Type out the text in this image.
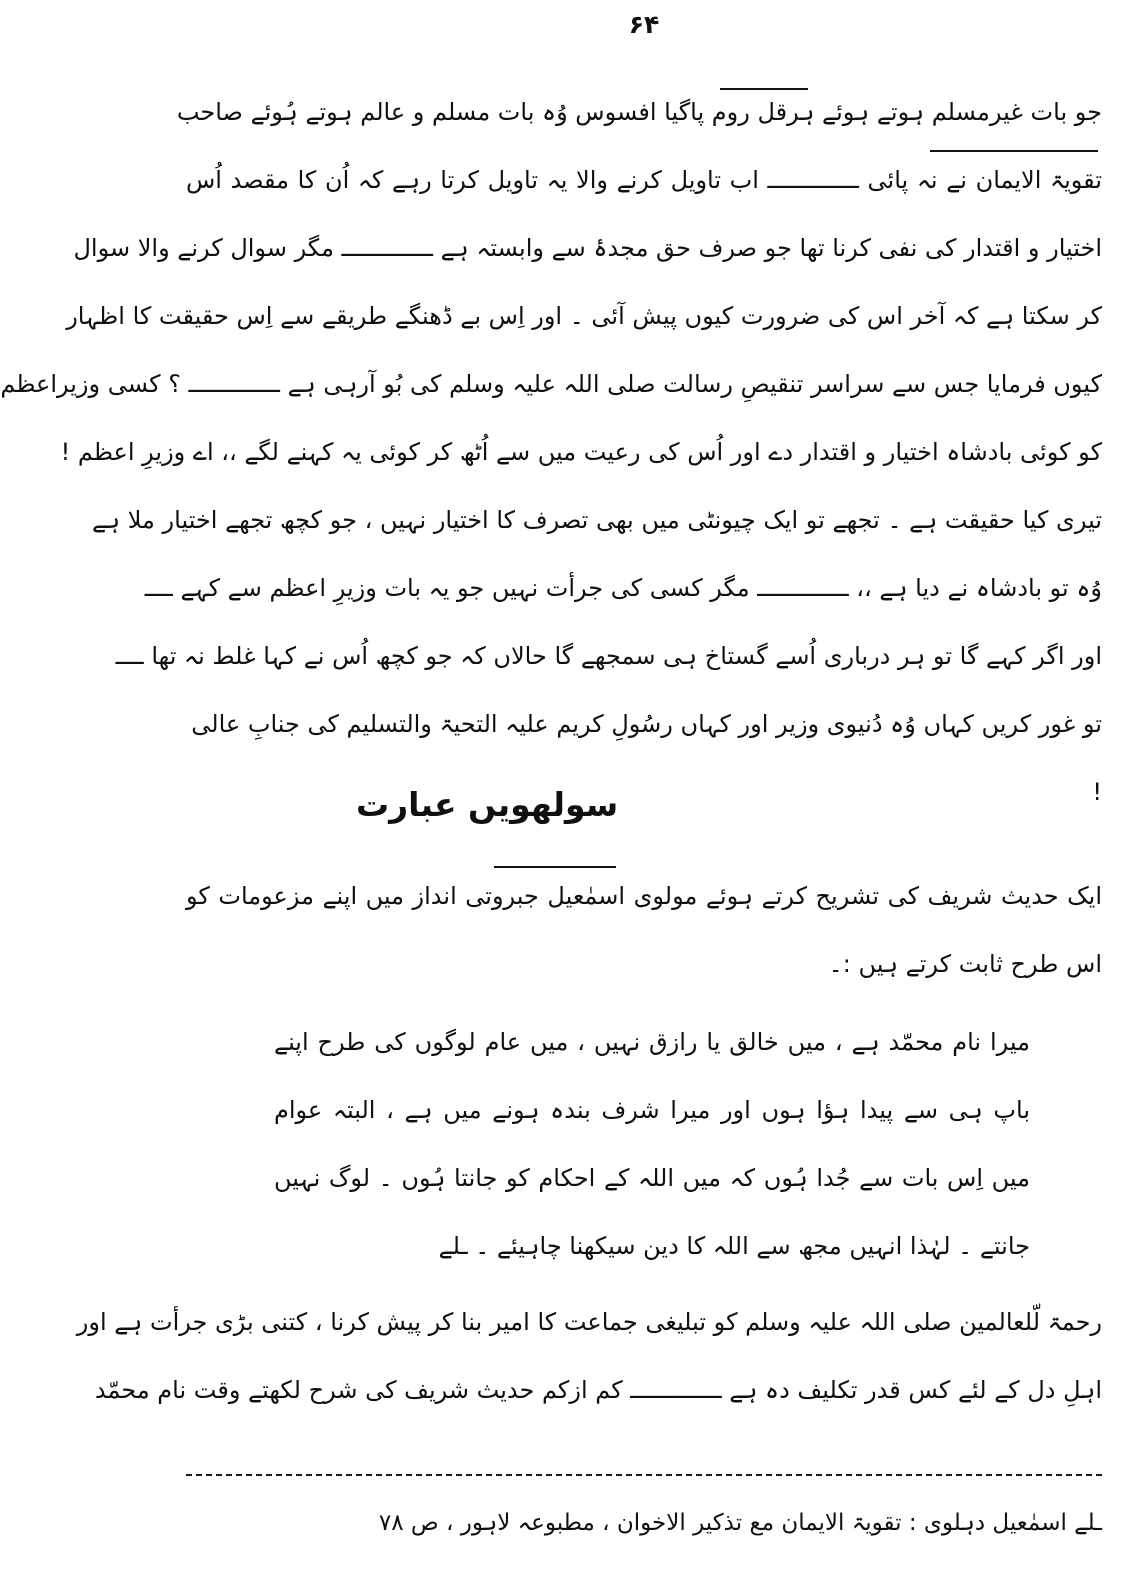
۶۴
جو بات غیرمسلم ہوتے ہوئے ہرقل روم پاگیا افسوس وُہ بات مسلم و عالم ہوتے ہُوئے صاحب
تقویۃ الایمان نے نہ پائی ـــــــــــــ اب تاویل کرنے والا یہ تاویل کرتا رہے کہ اُن کا مقصد اُس
اختیار و اقتدار کی نفی کرنا تھا جو صرف حق مجدۂ سے وابستہ ہے ـــــــــــــ مگر سوال کرنے والا سوال
کر سکتا ہے کہ آخر اس کی ضرورت کیوں پیش آئی ۔ اور اِس بے ڈھنگے طریقے سے اِس حقیقت کا اظہار
کیوں فرمایا جس سے سراسر تنقیصِ رسالت صلی اللہ علیہ وسلم کی بُو آرہی ہے ـــــــــــــ ؟ کسی وزیراعظم
کو کوئی بادشاہ اختیار و اقتدار دے اور اُس کی رعیت میں سے اُٹھ کر کوئی یہ کہنے لگے ،، اے وزیرِ اعظم !
تیری کیا حقیقت ہے ۔ تجھے تو ایک چیونٹی میں بھی تصرف کا اختیار نہیں ، جو کچھ تجھے اختیار ملا ہے
وُہ تو بادشاہ نے دیا ہے ،، ـــــــــــــ مگر کسی کی جرأت نہیں جو یہ بات وزیرِ اعظم سے کہے ــــ
اور اگر کہے گا تو ہر درباری اُسے گستاخ ہی سمجھے گا حالاں کہ جو کچھ اُس نے کہا غلط نہ تھا ــــ
تو غور کریں کہاں وُہ دُنیوی وزیر اور کہاں رسُولِ کریم علیہ التحیۃ والتسلیم کی جنابِ عالی !
سولھویں عبارت
ایک حدیث شریف کی تشریح کرتے ہوئے مولوی اسمٰعیل جبروتی انداز میں اپنے مزعومات کو
اس طرح ثابت کرتے ہیں :۔
میرا نام محمّد ہے ، میں خالق یا رازق نہیں ، میں عام لوگوں کی طرح اپنے
باپ ہی سے پیدا ہؤا ہوں اور میرا شرف بندہ ہونے میں ہے ، البتہ عوام
میں اِس بات سے جُدا ہُوں کہ میں اللہ کے احکام کو جانتا ہُوں ۔ لوگ نہیں
جانتے ۔ لہٰذا انہیں مجھ سے اللہ کا دین سیکھنا چاہیئے ۔ ـلے
رحمۃ لّلعالمین صلی اللہ علیہ وسلم کو تبلیغی جماعت کا امیر بنا کر پیش کرنا ، کتنی بڑی جرأت ہے اور
اہلِ دل کے لئے کس قدر تکلیف دہ ہے ـــــــــــــ کم ازکم حدیث شریف کی شرح لکھتے وقت نام محمّد
ـلے اسمٰعیل دہلوی : تقویۃ الایمان مع تذکیر الاخوان ، مطبوعہ لاہور ، ص ۷۸
